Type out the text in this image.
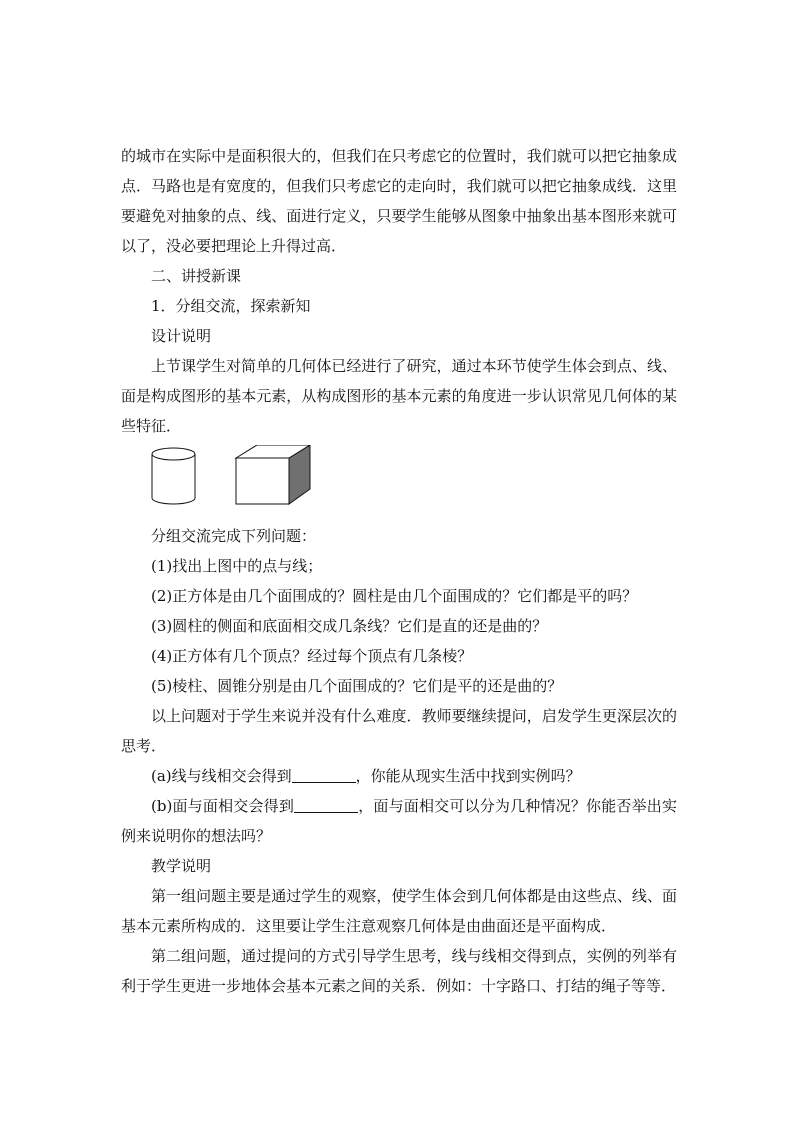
的城市在实际中是面积很大的，但我们在只考虑它的位置时，我们就可以把它抽象成点．马路也是有宽度的，但我们只考虑它的走向时，我们就可以把它抽象成线．这里要避免对抽象的点、线、面进行定义，只要学生能够从图象中抽象出基本图形来就可以了，没必要把理论上升得过高．

二、讲授新课

1．分组交流，探索新知

设计说明

上节课学生对简单的几何体已经进行了研究，通过本环节使学生体会到点、线、面是构成图形的基本元素，从构成图形的基本元素的角度进一步认识常见几何体的某些特征．

分组交流完成下列问题：

(1)找出上图中的点与线；

(2)正方体是由几个面围成的？圆柱是由几个面围成的？它们都是平的吗？

(3)圆柱的侧面和底面相交成几条线？它们是直的还是曲的？

(4)正方体有几个顶点？经过每个顶点有几条棱？

(5)棱柱、圆锥分别是由几个面围成的？它们是平的还是曲的？

以上问题对于学生来说并没有什么难度．教师要继续提问，启发学生更深层次的思考．

(a)线与线相交会得到	，你能从现实生活中找到实例吗？

(b)面与面相交会得到	，面与面相交可以分为几种情况？你能否举出实例来说明你的想法吗？

教学说明

第一组问题主要是通过学生的观察，使学生体会到几何体都是由这些点、线、面基本元素所构成的．这里要让学生注意观察几何体是由曲面还是平面构成．

第二组问题，通过提问的方式引导学生思考，线与线相交得到点，实例的列举有利于学生更进一步地体会基本元素之间的关系．例如：十字路口、打结的绳子等等．
